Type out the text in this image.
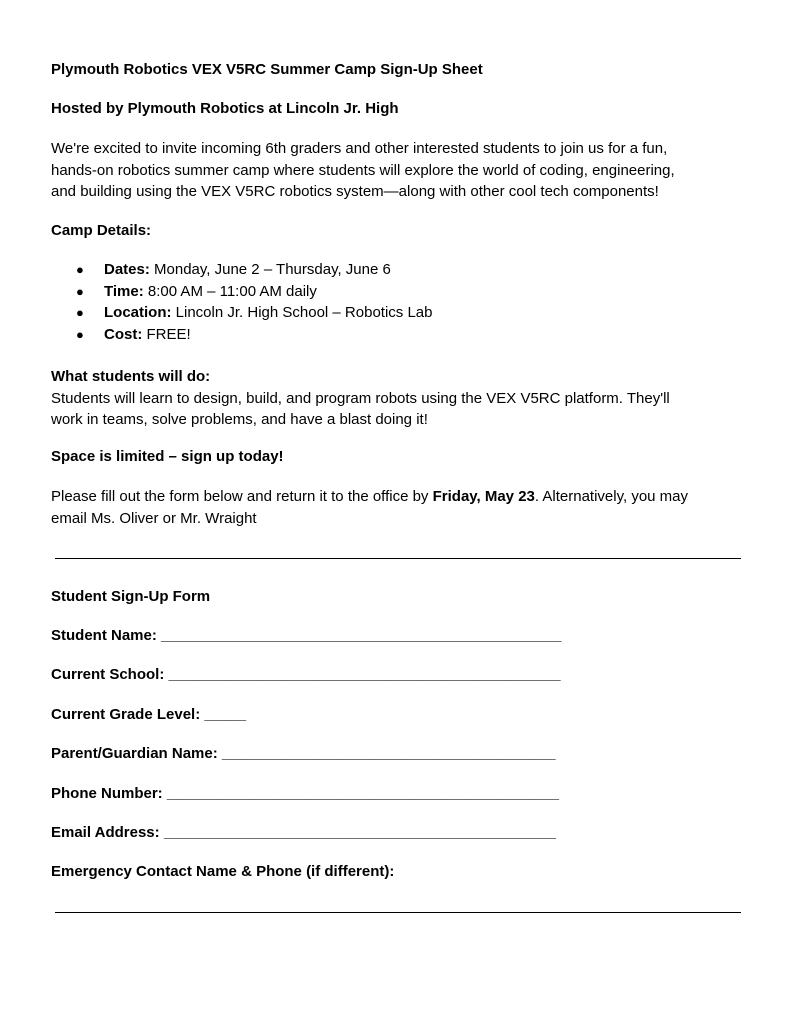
Plymouth Robotics VEX V5RC Summer Camp Sign-Up Sheet
Hosted by Plymouth Robotics at Lincoln Jr. High
We're excited to invite incoming 6th graders and other interested students to join us for a fun,
hands-on robotics summer camp where students will explore the world of coding, engineering,
and building using the VEX V5RC robotics system—along with other cool tech components!
Camp Details:
● Dates: Monday, June 2 – Thursday, June 6
● Time: 8:00 AM – 11:00 AM daily
● Location: Lincoln Jr. High School – Robotics Lab
● Cost: FREE!
What students will do:
Students will learn to design, build, and program robots using the VEX V5RC platform. They'll
work in teams, solve problems, and have a blast doing it!
Space is limited – sign up today!
Please fill out the form below and return it to the office by Friday, May 23. Alternatively, you may
email Ms. Oliver or Mr. Wraight
Student Sign-Up Form
Student Name: ________________________________________________
Current School: _______________________________________________
Current Grade Level: _____
Parent/Guardian Name: ________________________________________
Phone Number: _______________________________________________
Email Address: _______________________________________________
Emergency Contact Name & Phone (if different):
